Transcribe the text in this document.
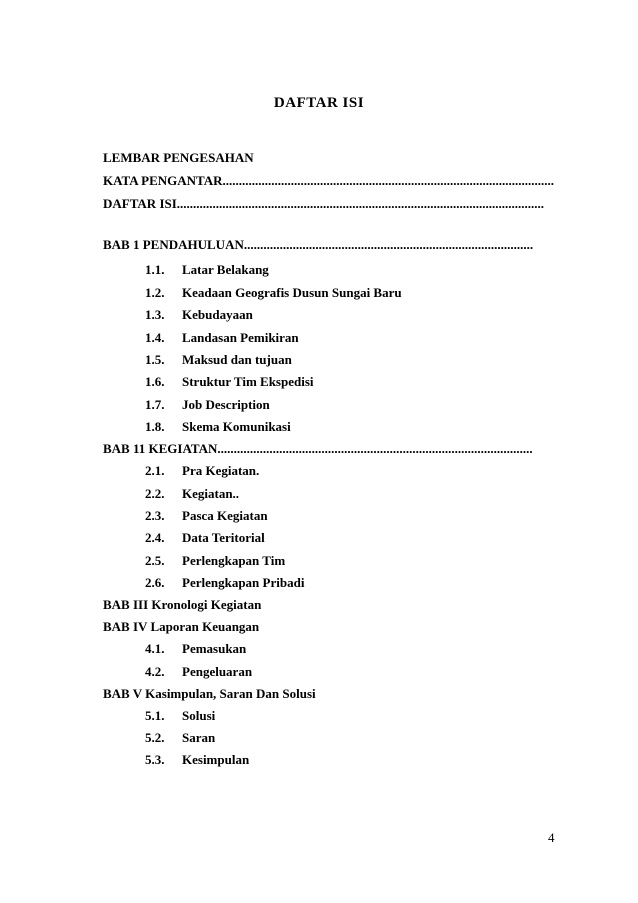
DAFTAR ISI
LEMBAR PENGESAHAN
KATA PENGANTAR......................................................................................................
DAFTAR ISI.................................................................................................................
BAB 1 PENDAHULUAN.........................................................................................
1.1. Latar Belakang
1.2. Keadaan Geografis Dusun Sungai Baru
1.3. Kebudayaan
1.4. Landasan Pemikiran
1.5. Maksud dan tujuan
1.6. Struktur Tim Ekspedisi
1.7. Job Description
1.8. Skema Komunikasi
BAB 11 KEGIATAN.................................................................................................
2.1. Pra Kegiatan.
2.2. Kegiatan..
2.3. Pasca Kegiatan
2.4. Data Teritorial
2.5. Perlengkapan Tim
2.6. Perlengkapan Pribadi
BAB III Kronologi Kegiatan
BAB IV Laporan Keuangan
4.1. Pemasukan
4.2. Pengeluaran
BAB V Kasimpulan, Saran Dan Solusi
5.1. Solusi
5.2. Saran
5.3. Kesimpulan
4
